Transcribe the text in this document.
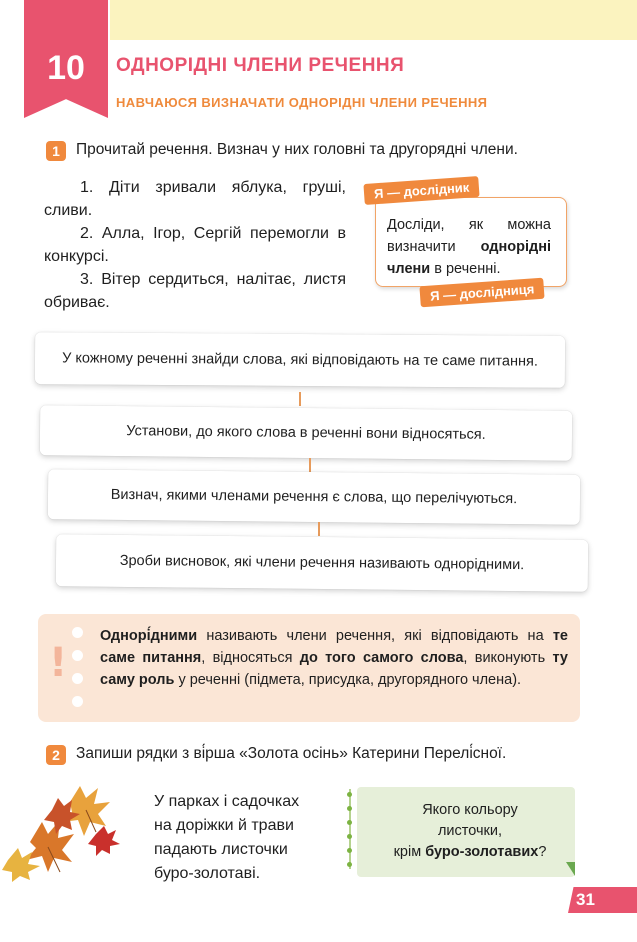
10	ОДНОРІДНІ ЧЛЕНИ РЕЧЕННЯ
НАВЧАЮСЯ ВИЗНАЧАТИ ОДНОРІДНІ ЧЛЕНИ РЕЧЕННЯ
1	Прочитай речення. Визнач у них головні та другорядні члени.

1. Діти зривали яблука, груші, сливи.

2. Алла, Ігор, Сергій перемогли в конкурсі.

3. Вітер сердиться, налітає, листя обриває.

Досліди, як можна визначити однорідні члени в реченні.
Я — дослідник
Я — дослідниця
У кожному реченні знайди слова, які відповідають на те саме питання.
Установи, до якого слова в реченні вони відносяться.
Визнач, якими членами речення є слова, що перелічуються.
Зроби висновок, які члени речення називають однорідними.
!
Однорі́дними називають члени речення, які відповідають на те саме питання, відносяться до того самого слова, виконують ту саму роль у реченні (підмета, присудка, другорядного члена).
2	Запиши рядки з ві́рша «Золота осінь» Катерини Перелі́сної.
У парках і садочках
на доріжки й трави
падають листочки
буро-золотаві.
Якого кольору
листочки,
крім буро-золотавих?
31
